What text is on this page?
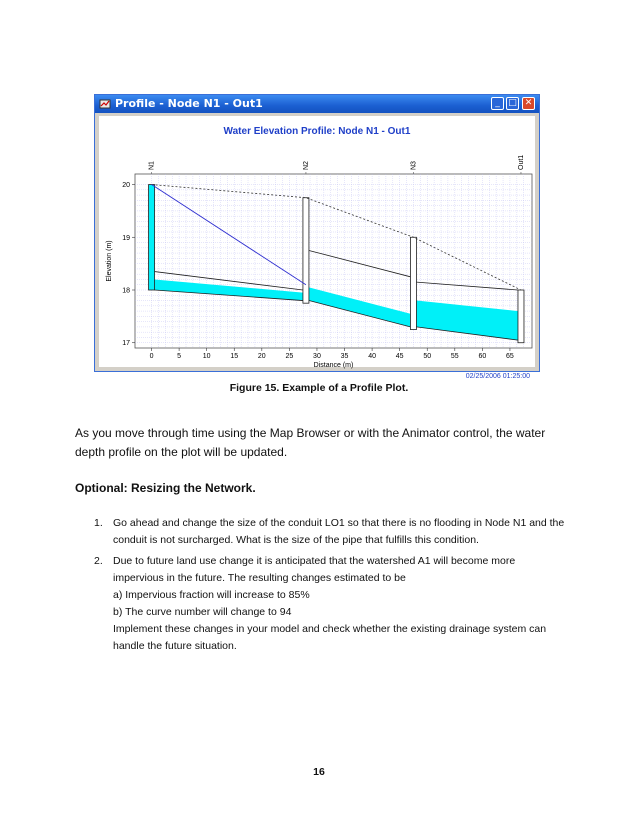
Profile - Node N1 - Out1	_ □ ✕
Water Elevation Profile: Node N1 - Out1
N1	N2	N3	Out1
0	5	10	15	20	25	30	35	40	45	50	55	60	65
17
18
19
20
Distance (m)
Elevation (m)
02/25/2006 01:25:00
Figure 15. Example of a Profile Plot.
As you move through time using the Map Browser or with the Animator control, the water depth profile on the plot will be updated.
Optional: Resizing the Network.
1. Go ahead and change the size of the conduit LO1 so that there is no flooding in Node N1 and the
conduit is not surcharged. What is the size of the pipe that fulfills this condition.
2. Due to future land use change it is anticipated that the watershed A1 will become more
impervious in the future. The resulting changes estimated to be
a) Impervious fraction will increase to 85%
b) The curve number will change to 94
Implement these changes in your model and check whether the existing drainage system can
handle the future situation.
16
